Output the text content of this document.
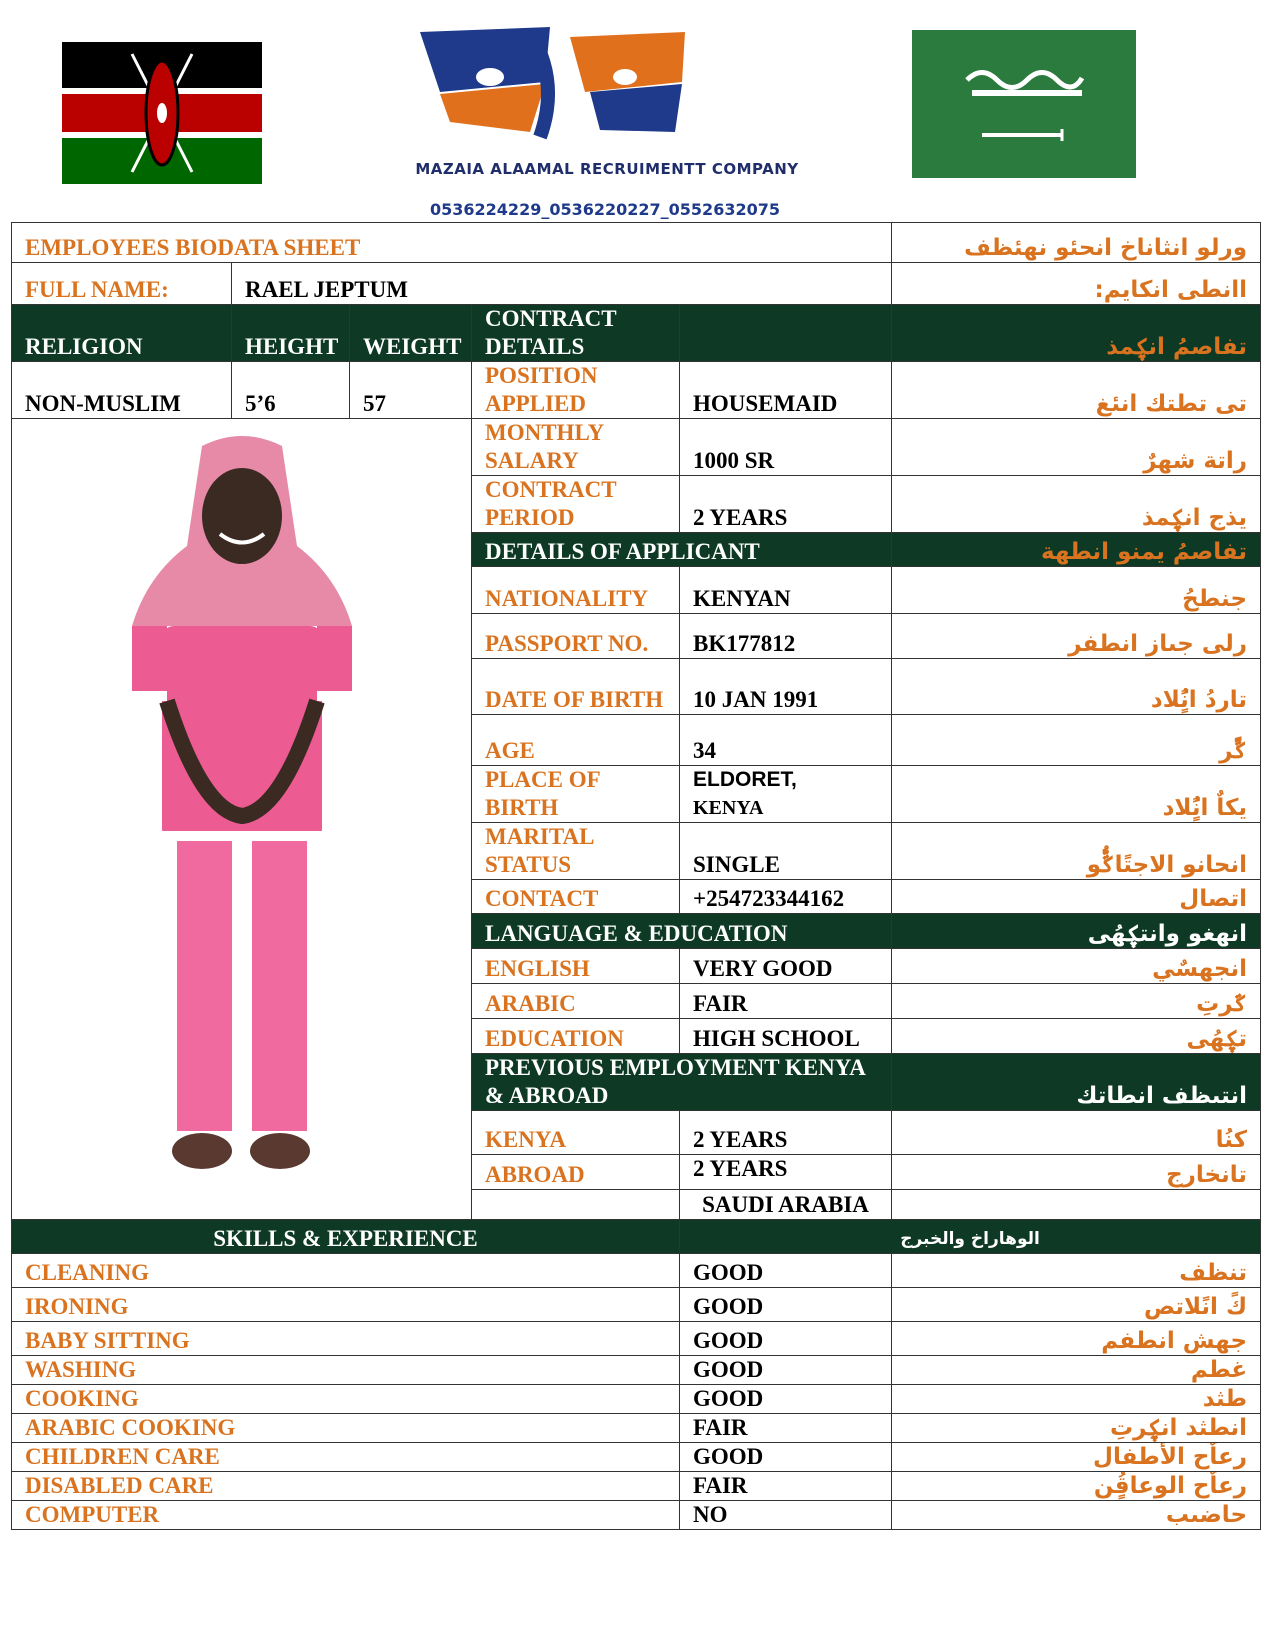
MAZAIA ALAAMAL RECRUIMENTT COMPANY
0536224229_0536220227_0552632075
EMPLOYEES BIODATA SHEET					ورلو انثاناخ انحئو نهئظف
FULL NAME:	RAEL JEPTUM				اانطى انكايم:
RELIGION	HEIGHT	WEIGHT	CONTRACT DETAILS		تفاصمُ انؼِمذ
NON-MUSLIM	5’6	57	POSITION APPLIED	HOUSEMAID	تى تطتك انئغ
	MONTHLY SALARY	1000 SR	راتة شهرٌ
			CONTRACT PERIOD	2 YEARS	يذج انؼِمذ
			DETAILS OF APPLICANT		تفاصمُ يمنو انطهة
			NATIONALITY	KENYAN	جنطحُ
			PASSPORT NO.	BK177812	رلى جىاز انطفر
			DATE OF BIRTH	10 JAN 1991	تاردُ انًٍُلاد
			AGE	34	ػًر
			PLACE OF BIRTH	ELDORET,
KENYA	يكاٌ انًٍُلاد
			MARITAL STATUS	SINGLE	انحانو الاجتًاػُّو
			CONTACT	+254723344162	اتصال
			LANGUAGE & EDUCATION		انهغو وانتؼهُى
			ENGLISH	VERY GOOD	انجهسٌي
			ARABIC	FAIR	ػرتِ
			EDUCATION	HIGH SCHOOL	تؼهُى
			PREVIOUS EMPLOYMENT KENYA & ABROAD		انتىظف انطاتك
			KENYA	2 YEARS	كنُا
			ABROAD	2 YEARS	تانخارج
				SAUDI ARABIA	
SKILLS & EXPERIENCE				الوهاراخ والخبرج	
CLEANING				GOOD	تنظف
IRONING				GOOD	كً انًلاتص
BABY SITTING				GOOD	جهش انطفم
WASHING				GOOD	غطم
COOKING				GOOD	طثد
ARABIC COOKING				FAIR	انطثد انؼِرتِ
CHILDREN CARE				GOOD	رعاٌح الأطفال
DISABLED CARE				FAIR	رعاٌح الوعاقٍُن
COMPUTER				NO	حاضىب
